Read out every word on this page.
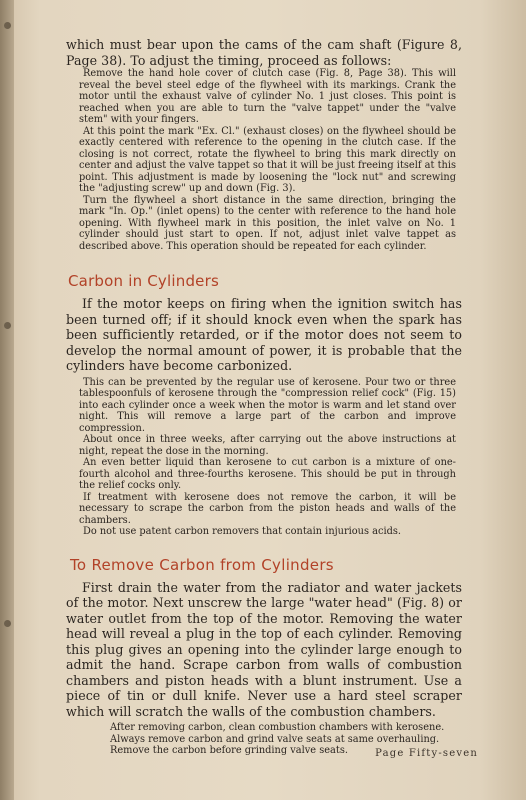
which must bear upon the cams of the cam shaft (Figure 8, Page 38). To adjust the timing, proceed as follows:

Remove the hand hole cover of clutch case (Fig. 8, Page 38). This will reveal the bevel steel edge of the flywheel with its markings. Crank the motor until the exhaust valve of cylinder No. 1 just closes. This point is reached when you are able to turn the "valve tappet" under the "valve stem" with your fingers.

At this point the mark "Ex. Cl." (exhaust closes) on the flywheel should be exactly centered with reference to the opening in the clutch case. If the closing is not correct, rotate the flywheel to bring this mark directly on center and adjust the valve tappet so that it will be just freeing itself at this point. This adjustment is made by loosening the "lock nut" and screwing the "adjusting screw" up and down (Fig. 3).

Turn the flywheel a short distance in the same direction, bringing the mark "In. Op." (inlet opens) to the center with reference to the hand hole opening. With flywheel mark in this position, the inlet valve on No. 1 cylinder should just start to open. If not, adjust inlet valve tappet as described above. This operation should be repeated for each cylinder.

Carbon in Cylinders

If the motor keeps on firing when the ignition switch has been turned off; if it should knock even when the spark has been sufficiently retarded, or if the motor does not seem to develop the normal amount of power, it is probable that the cylinders have become carbonized.

This can be prevented by the regular use of kerosene. Pour two or three tablespoonfuls of kerosene through the "compression relief cock" (Fig. 15) into each cylinder once a week when the motor is warm and let stand over night. This will remove a large part of the carbon and improve compression.

About once in three weeks, after carrying out the above instructions at night, repeat the dose in the morning.

An even better liquid than kerosene to cut carbon is a mixture of one-fourth alcohol and three-fourths kerosene. This should be put in through the relief cocks only.

If treatment with kerosene does not remove the carbon, it will be necessary to scrape the carbon from the piston heads and walls of the chambers.

Do not use patent carbon removers that contain injurious acids.

To Remove Carbon from Cylinders

First drain the water from the radiator and water jackets of the motor. Next unscrew the large "water head" (Fig. 8) or water outlet from the top of the motor. Removing the water head will reveal a plug in the top of each cylinder. Removing this plug gives an opening into the cylinder large enough to admit the hand. Scrape carbon from walls of combustion chambers and piston heads with a blunt instrument. Use a piece of tin or dull knife. Never use a hard steel scraper which will scratch the walls of the combustion chambers.

After removing carbon, clean combustion chambers with kerosene.

Always remove carbon and grind valve seats at same overhauling.

Remove the carbon before grinding valve seats.	Page Fifty-seven
